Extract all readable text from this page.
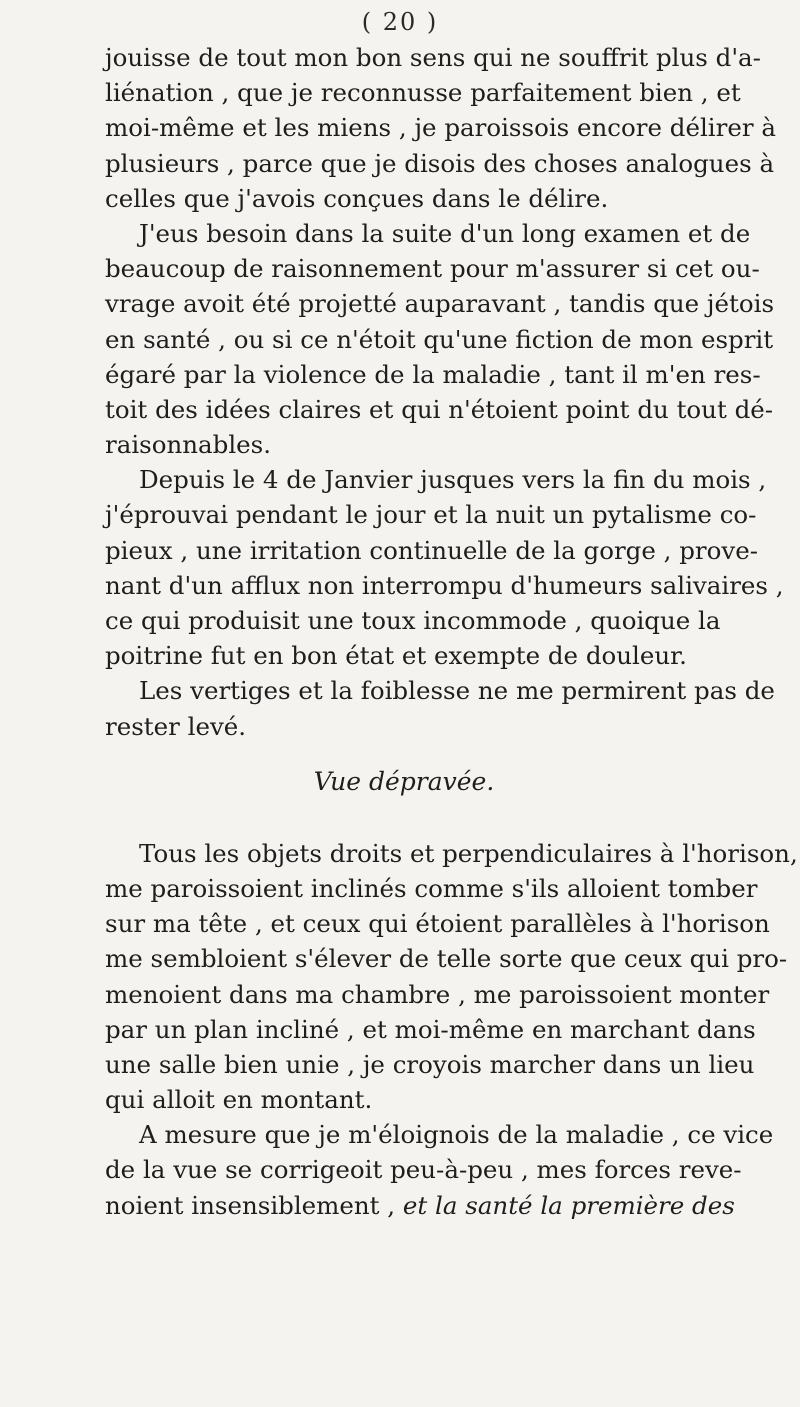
( 20 )
jouisse de tout mon bon sens qui ne souffrit plus d'a-
liénation , que je reconnusse parfaitement bien , et
moi-même et les miens , je paroissois encore délirer à
plusieurs , parce que je disois des choses analogues à
celles que j'avois conçues dans le délire.
J'eus besoin dans la suite d'un long examen et de
beaucoup de raisonnement pour m'assurer si cet ou-
vrage avoit été projetté auparavant , tandis que jétois
en santé , ou si ce n'étoit qu'une fiction de mon esprit
égaré par la violence de la maladie , tant il m'en res-
toit des idées claires et qui n'étoient point du tout dé-
raisonnables.
Depuis le 4 de Janvier jusques vers la fin du mois ,
j'éprouvai pendant le jour et la nuit un pytalisme co-
pieux , une irritation continuelle de la gorge , prove-
nant d'un afflux non interrompu d'humeurs salivaires ,
ce qui produisit une toux incommode , quoique la
poitrine fut en bon état et exempte de douleur.
Les vertiges et la foiblesse ne me permirent pas de
rester levé.
Vue dépravée.
Tous les objets droits et perpendiculaires à l'horison,
me paroissoient inclinés comme s'ils alloient tomber
sur ma tête , et ceux qui étoient parallèles à l'horison
me sembloient s'élever de telle sorte que ceux qui pro-
menoient dans ma chambre , me paroissoient monter
par un plan incliné , et moi-même en marchant dans
une salle bien unie , je croyois marcher dans un lieu
qui alloit en montant.
A mesure que je m'éloignois de la maladie , ce vice
de la vue se corrigeoit peu-à-peu , mes forces reve-
noient insensiblement , et la santé la première des
